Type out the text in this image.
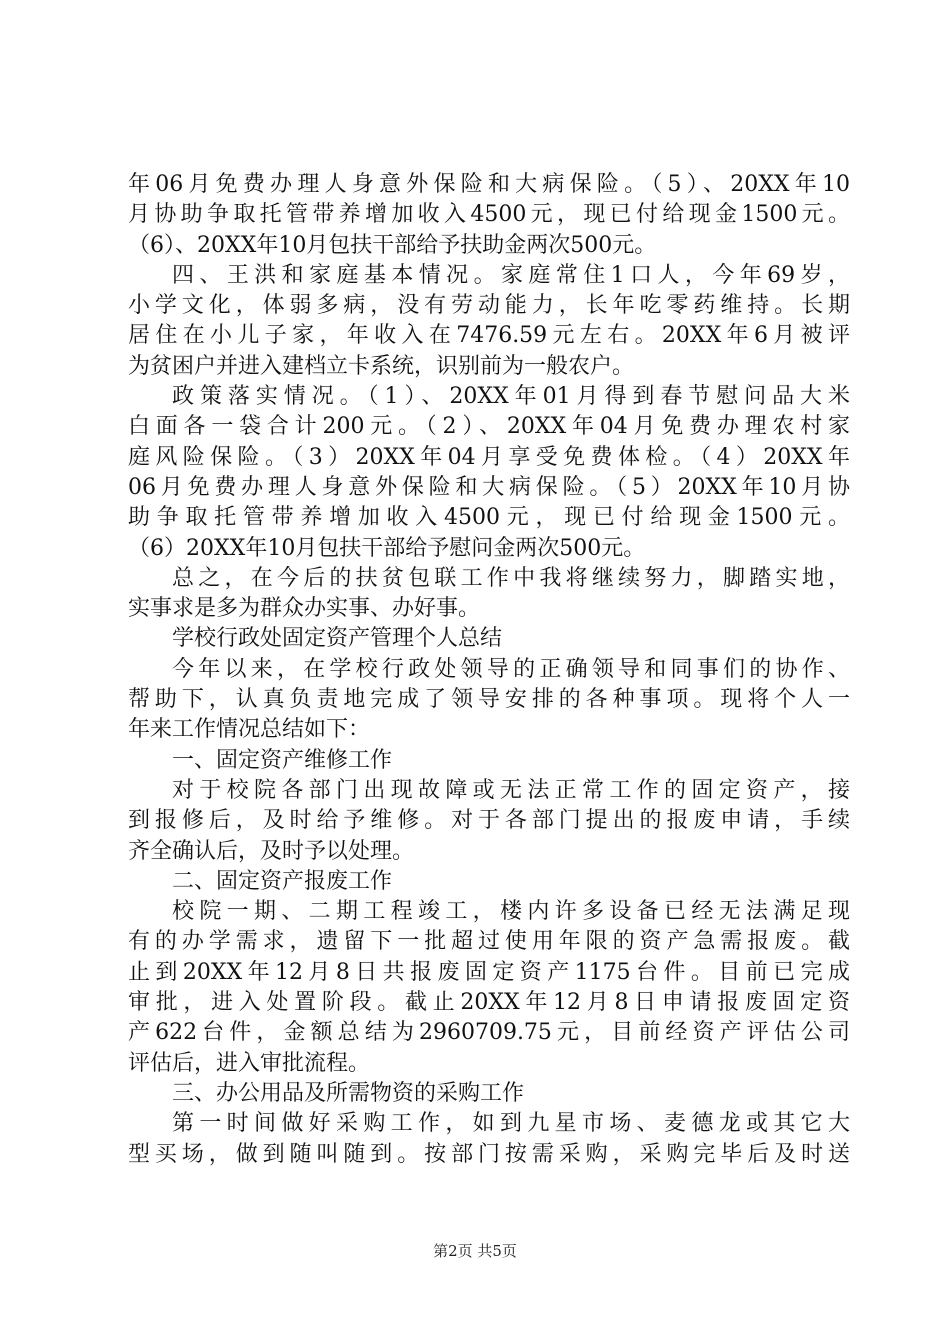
年06月免费办理人身意外保险和大病保险。（5）、20XX年10
月协助争取托管带养增加收入4500元，现已付给现金1500元。
（6）、20XX年10月包扶干部给予扶助金两次500元。
四、王洪和家庭基本情况。家庭常住1口人，今年69岁，
小学文化，体弱多病，没有劳动能力，长年吃零药维持。长期
居住在小儿子家，年收入在7476.59元左右。20XX年6月被评
为贫困户并进入建档立卡系统，识别前为一般农户。
政策落实情况。（1）、20XX年01月得到春节慰问品大米
白面各一袋合计200元。（2）、20XX年04月免费办理农村家
庭风险保险。（3）20XX年04月享受免费体检。（4）20XX年
06月免费办理人身意外保险和大病保险。（5）20XX年10月协
助争取托管带养增加收入4500元，现已付给现金1500元。
（6）20XX年10月包扶干部给予慰问金两次500元。
总之，在今后的扶贫包联工作中我将继续努力，脚踏实地，
实事求是多为群众办实事、办好事。
学校行政处固定资产管理个人总结
今年以来，在学校行政处领导的正确领导和同事们的协作、
帮助下，认真负责地完成了领导安排的各种事项。现将个人一
年来工作情况总结如下：
一、固定资产维修工作
对于校院各部门出现故障或无法正常工作的固定资产，接
到报修后，及时给予维修。对于各部门提出的报废申请，手续
齐全确认后，及时予以处理。
二、固定资产报废工作
校院一期、二期工程竣工，楼内许多设备已经无法满足现
有的办学需求，遗留下一批超过使用年限的资产急需报废。截
止到20XX年12月8日共报废固定资产1175台件。目前已完成
审批，进入处置阶段。截止20XX年12月8日申请报废固定资
产622台件，金额总结为2960709.75元，目前经资产评估公司
评估后，进入审批流程。
三、办公用品及所需物资的采购工作
第一时间做好采购工作，如到九星市场、麦德龙或其它大
型买场，做到随叫随到。按部门按需采购，采购完毕后及时送
第2页 共5页
